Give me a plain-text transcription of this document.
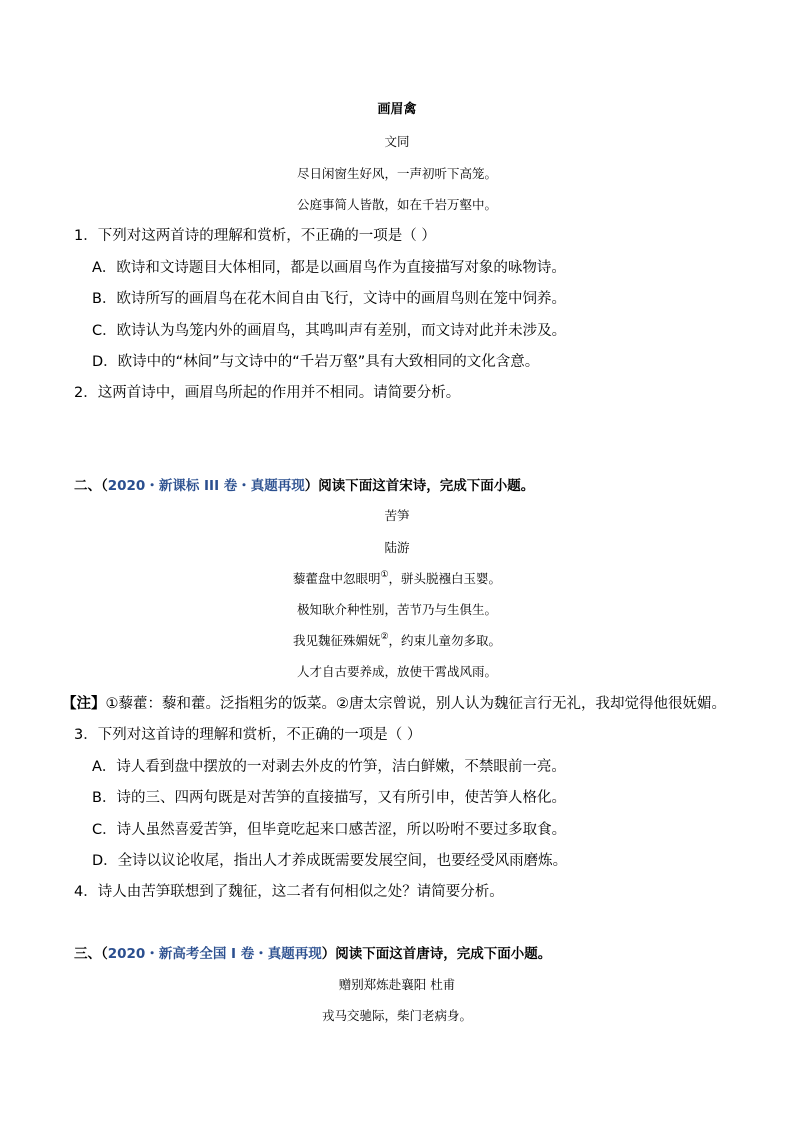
画眉禽
文同
尽日闲窗生好风，一声初听下高笼。
公庭事简人皆散，如在千岩万壑中。
1．下列对这两首诗的理解和赏析，不正确的一项是（ ）
A．欧诗和文诗题目大体相同，都是以画眉鸟作为直接描写对象的咏物诗。
B．欧诗所写的画眉鸟在花木间自由飞行，文诗中的画眉鸟则在笼中饲养。
C．欧诗认为鸟笼内外的画眉鸟，其鸣叫声有差别，而文诗对此并未涉及。
D．欧诗中的“林间”与文诗中的“千岩万壑”具有大致相同的文化含意。
2．这两首诗中，画眉鸟所起的作用并不相同。请简要分析。
二、（2020・新课标 III 卷・真题再现）阅读下面这首宋诗，完成下面小题。
苦笋
陆游
藜藿盘中忽眼明①，骈头脱襁白玉婴。
极知耿介种性别，苦节乃与生俱生。
我见魏征殊媚妩②，约束儿童勿多取。
人才自古要养成，放使干霄战风雨。
【注】①藜藿：藜和藿。泛指粗劣的饭菜。②唐太宗曾说，别人认为魏征言行无礼，我却觉得他很妩媚。
3．下列对这首诗的理解和赏析，不正确的一项是（ ）
A．诗人看到盘中摆放的一对剥去外皮的竹笋，洁白鲜嫩，不禁眼前一亮。
B．诗的三、四两句既是对苦笋的直接描写，又有所引申，使苦笋人格化。
C．诗人虽然喜爱苦笋，但毕竟吃起来口感苦涩，所以吩咐不要过多取食。
D．全诗以议论收尾，指出人才养成既需要发展空间，也要经受风雨磨炼。
4．诗人由苦笋联想到了魏征，这二者有何相似之处？请简要分析。
三、（2020・新高考全国 I 卷・真题再现）阅读下面这首唐诗，完成下面小题。
赠别郑炼赴襄阳 杜甫
戎马交驰际，柴门老病身。
